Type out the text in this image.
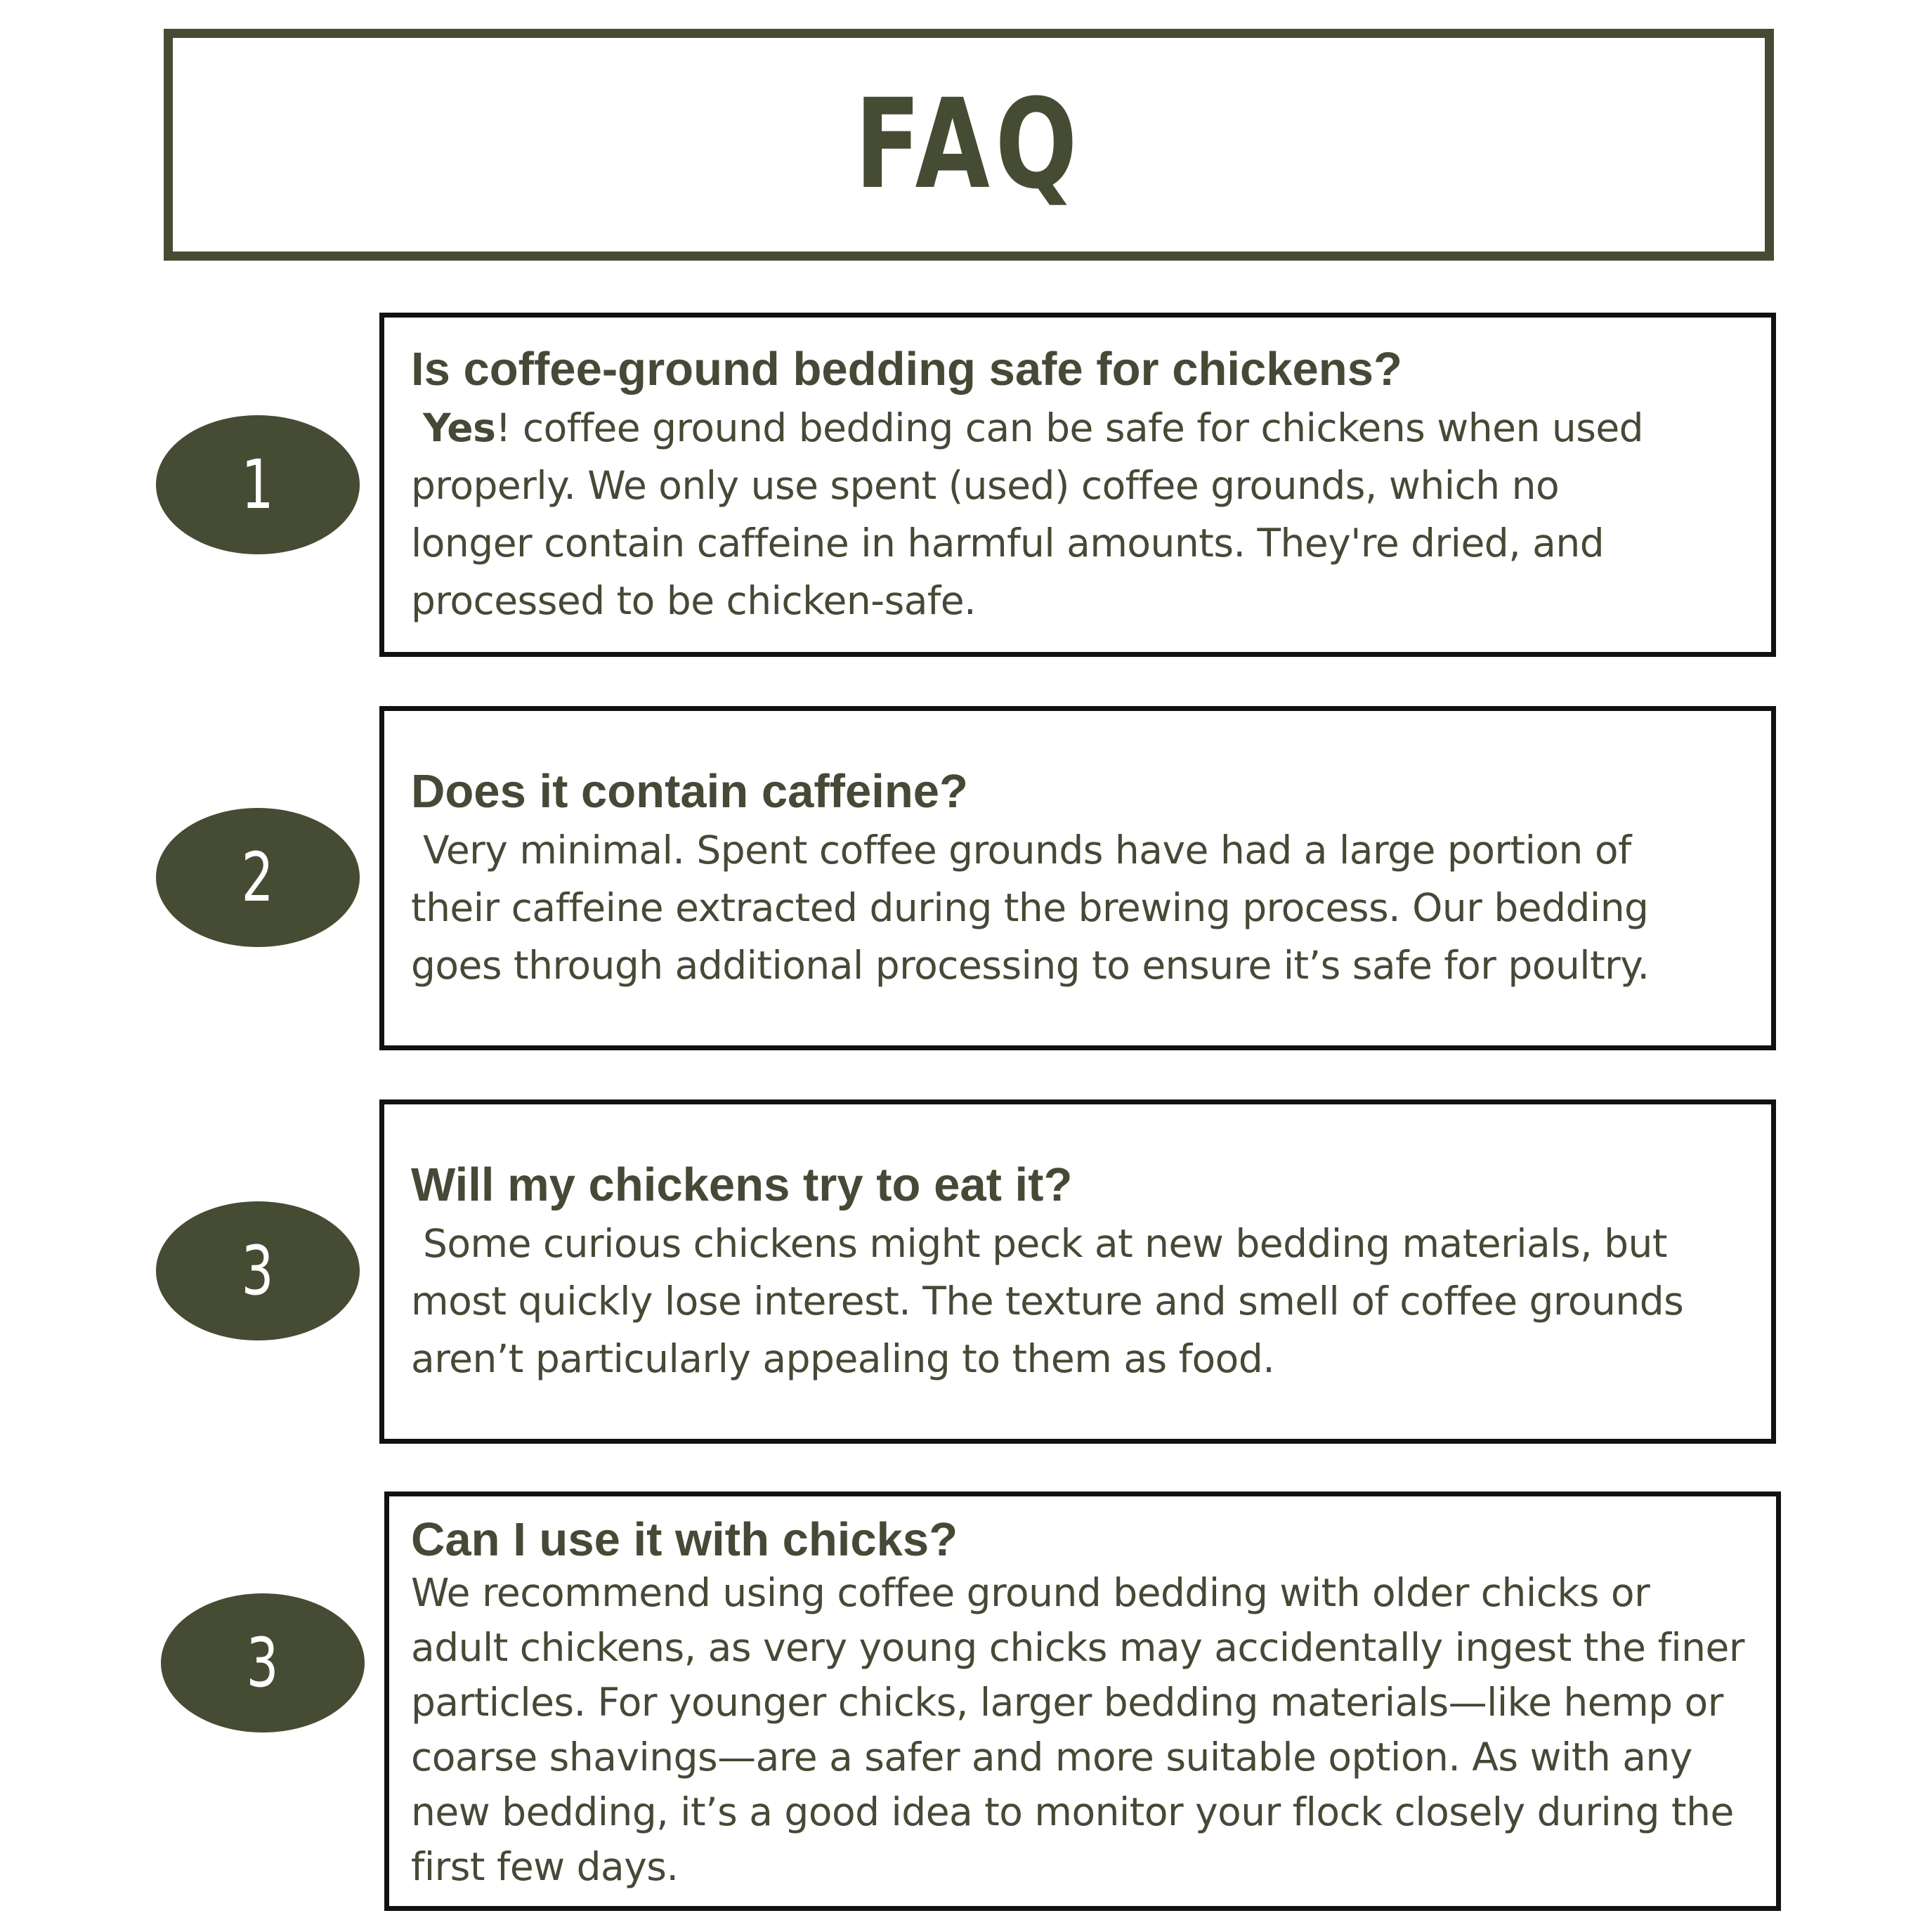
FAQ
1

Is coffee-ground bedding safe for chickens?

Yes! coffee ground bedding can be safe for chickens when used
properly. We only use spent (used) coffee grounds, which no
longer contain caffeine in harmful amounts. They're dried, and
processed to be chicken-safe.
2

Does it contain caffeine?

Very minimal. Spent coffee grounds have had a large portion of
their caffeine extracted during the brewing process. Our bedding
goes through additional processing to ensure it’s safe for poultry.
3

Will my chickens try to eat it?

Some curious chickens might peck at new bedding materials, but
most quickly lose interest. The texture and smell of coffee grounds
aren’t particularly appealing to them as food.
3

Can I use it with chicks?

We recommend using coffee ground bedding with older chicks or
adult chickens, as very young chicks may accidentally ingest the finer
particles. For younger chicks, larger bedding materials—like hemp or
coarse shavings—are a safer and more suitable option. As with any
new bedding, it’s a good idea to monitor your flock closely during the
first few days.
